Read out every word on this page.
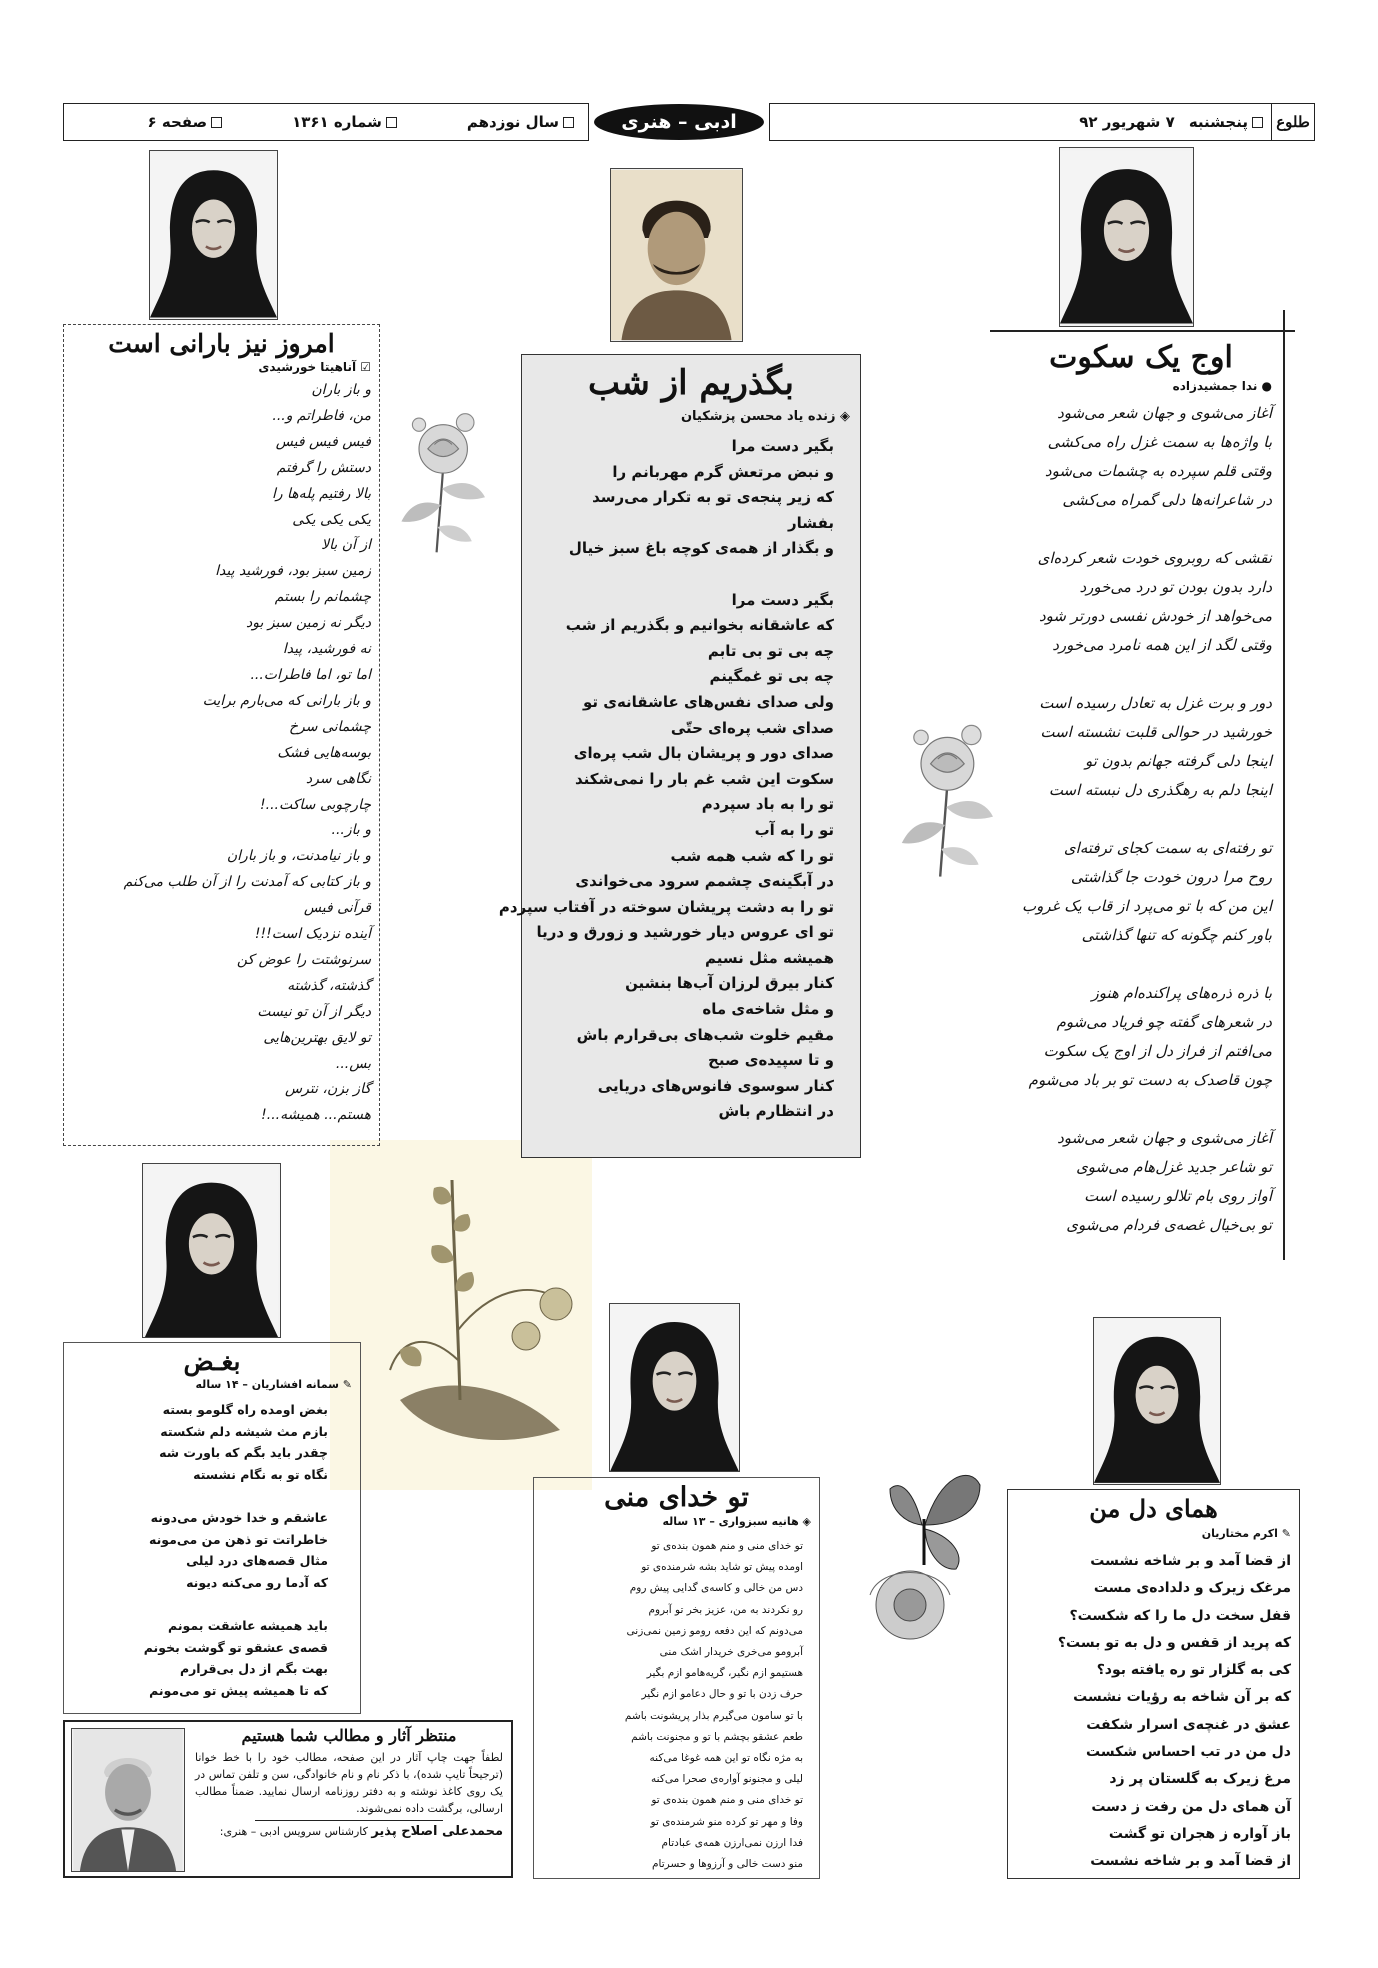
طلوع
پنجشنبه
۷ شهریور ۹۲
ادبی – هنری
سال نوزدهم
شماره ۱۳۶۱
صفحه ۶
اوج یک سکوت
● ندا جمشیدزاده
آغاز می‌شوی و جهان شعر می‌شود
با واژه‌ها به سمت غزل راه می‌کشی
وقتی قلم سپرده به چشمات می‌شود
در شاعرانه‌ها دلی گمراه می‌کشی

نقشی که روبروی خودت شعر کرده‌ای
دارد بدون بودن تو درد می‌خورد
می‌خواهد از خودش نفسی دورتر شود
وقتی لگد از این همه نامرد می‌خورد

دور و برت غزل به تعادل رسیده است
خورشید در حوالی قلبت نشسته است
اینجا دلی گرفته جهانم بدون تو
اینجا دلم به رهگذری دل نبسته است

تو رفته‌ای به سمت کجای ترفته‌ای
روح مرا درون خودت جا گذاشتی
این من که با تو می‌پرد از قاب یک غروب
باور کنم چگونه که تنها گذاشتی

با ذره ذره‌های پراکنده‌ام هنوز
در شعرهای گفته چو فریاد می‌شوم
می‌افتم از فراز دل از اوج یک سکوت
چون قاصدک به دست تو بر باد می‌شوم

آغاز می‌شوی و جهان شعر می‌شود
تو شاعر جدید غزل‌هام می‌شوی
آواز روی بام تلالو رسیده است
تو بی‌خیال غصه‌ی فردام می‌شوی
بگذریم از شب
◈ زنده یاد محسن پزشکیان
بگیر دست مرا
و نبض مرتعش گرم مهربانم را
که زیر پنجه‌ی تو به تکرار می‌رسد
بفشار
و بگذار از همه‌ی کوچه باغ سبز خیال

بگیر دست مرا
که عاشقانه بخوانیم و بگذریم از شب
چه بی تو بی تابم
چه بی تو غمگینم
ولی صدای نفس‌های عاشقانه‌ی تو
صدای شب پره‌ای حتّی
صدای دور و پریشان بال شب پره‌ای
سکوت این شب غم بار را نمی‌شکند
تو را به باد سپردم
تو را به آب
تو را که شب همه شب
در آبگینه‌ی چشمم سرود می‌خواندی
تو را به دشت پریشان سوخته در آفتاب سپردم
تو ای عروس دیار خورشید و زورق و دریا
همیشه مثل نسیم
کنار بیرق لرزان آب‌ها بنشین
و مثل شاخه‌ی ماه
مقیم خلوت شب‌های بی‌قرارم باش
و تا سپیده‌ی صبح
کنار سوسوی فانوس‌های دریایی
در انتظارم باش
امروز نیز بارانی است
☑ آناهیتا خورشیدی
و باز باران
من، فاطراتم و...
فیس فیس فیس
دستش را گرفتم
بالا رفتیم پله‌ها را
یکی یکی یکی
از آن بالا
زمین سبز بود، فورشید پیدا
چشمانم را بستم
دیگر نه زمین سبز بود
نه فورشید، پیدا
اما تو، اما فاطرات...
و باز بارانی که می‌بارم برایت
چشمانی سرخ
بوسه‌هایی فشک
نگاهی سرد
چارچوبی ساکت...!
و باز...
و باز نیامدنت، و باز باران
و باز کتابی که آمدنت را از آن طلب می‌کنم
قرآنی فیس
آینده نزدیک است!!!
سرنوشتت را عوض کن
گذشته، گذشته
دیگر از آن تو نیست
تو لایق بهترین‌هایی
بس...
گاز بزن، نترس
هستم... همیشه...!
بغـض
✎ سمانه افشاریان – ۱۴ ساله
بغض اومده راه گلومو بسته
بازم مث شیشه دلم شکسته
چقدر باید بگم که باورت شه
نگاه تو به نگام نشسته

عاشقم و خدا خودش می‌دونه
خاطراتت تو ذهن من می‌مونه
مثال قصه‌های درد لیلی
که آدما رو می‌کنه دیونه

باید همیشه عاشقت بمونم
قصه‌ی عشقو تو گوشت بخونم
بهت بگم از دل بی‌قرارم
که تا همیشه پیش تو می‌مونم
منتظر آثار و مطالب شما هستیم
لطفاً جهت چاپ آثار در این صفحه، مطالب خود را با خط خوانا (ترجیحاً تایپ شده)، با ذکر نام و نام خانوادگی، سن و تلفن تماس در یک روی کاغذ نوشته و به دفتر روزنامه ارسال نمایید. ضمناً مطالب ارسالی، برگشت داده نمی‌شوند.
محمدعلی اصلاح پذیر کارشناس سرویس ادبی – هنری:
تو خدای منی
◈ هانیه سبزواری – ۱۳ ساله
تو خدای منی و منم همون بنده‌ی تو
اومده پیش تو شاید بشه شرمنده‌ی تو
دس من خالی و کاسه‌ی گدایی پیش روم
رو نکردند به من، عزیز بخر تو آبروم
می‌دونم که این دفعه رومو زمین نمی‌زنی
آبرومو می‌خری خریدار اشک منی
هستیمو ازم نگیر، گریه‌هامو ازم بگیر
حرف زدن با تو و حال دعامو ازم نگیر
با تو سامون می‌گیرم بذار پریشونت باشم
طعم عشقو بچشم با تو و مجنونت باشم
به مژه نگاه تو این همه غوغا می‌کنه
لیلی و مجنونو آواره‌ی صحرا می‌کنه
تو خدای منی و منم همون بنده‌ی تو
وفا و مهر تو کرده منو شرمنده‌ی تو
فدا ارزن نمی‌ارزن همه‌ی عبادتام
منو دست خالی و آرزوها و حسرتام
همای دل من
✎ اکرم مختاریان
از قضا آمد و بر شاخه نشست
مرغک زیرک و دلداده‌ی مست
قفل سخت دل ما را که شکست؟
که پرید از قفس و دل به تو بست؟
کی به گلزار تو ره یافته بود؟
که بر آن شاخه به رؤیات نشست
عشق در غنچه‌ی اسرار شکفت
دل من در تب احساس شکست
مرغ زیرک به گلستان پر زد
آن همای دل من رفت ز دست
باز آواره ز هجران تو گشت
از قضا آمد و بر شاخه نشست
